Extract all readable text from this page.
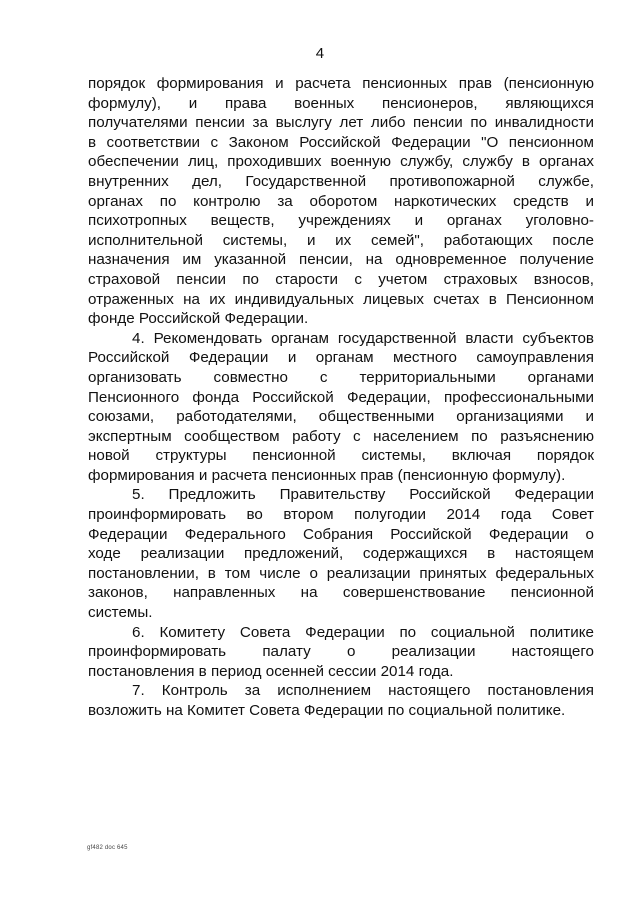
4
порядок формирования и расчета пенсионных прав (пенсионную
формулу), и права военных пенсионеров, являющихся
получателями пенсии за выслугу лет либо пенсии по инвалидности
в соответствии с Законом Российской Федерации "О пенсионном
обеспечении лиц, проходивших военную службу, службу в органах
внутренних дел, Государственной противопожарной службе,
органах по контролю за оборотом наркотических средств и
психотропных веществ, учреждениях и органах уголовно-
исполнительной системы, и их семей", работающих после
назначения им указанной пенсии, на одновременное получение
страховой пенсии по старости с учетом страховых взносов,
отраженных на их индивидуальных лицевых счетах в Пенсионном
фонде Российской Федерации.
4. Рекомендовать органам государственной власти субъектов
Российской Федерации и органам местного самоуправления
организовать совместно с территориальными органами
Пенсионного фонда Российской Федерации, профессиональными
союзами, работодателями, общественными организациями и
экспертным сообществом работу с населением по разъяснению
новой структуры пенсионной системы, включая порядок
формирования и расчета пенсионных прав (пенсионную формулу).
5. Предложить Правительству Российской Федерации
проинформировать во втором полугодии 2014 года Совет
Федерации Федерального Собрания Российской Федерации о
ходе реализации предложений, содержащихся в настоящем
постановлении, в том числе о реализации принятых федеральных
законов, направленных на совершенствование пенсионной
системы.
6. Комитету Совета Федерации по социальной политике
проинформировать палату о реализации настоящего
постановления в период осенней сессии 2014 года.
7. Контроль за исполнением настоящего постановления
возложить на Комитет Совета Федерации по социальной политике.
gf482 doc 645
